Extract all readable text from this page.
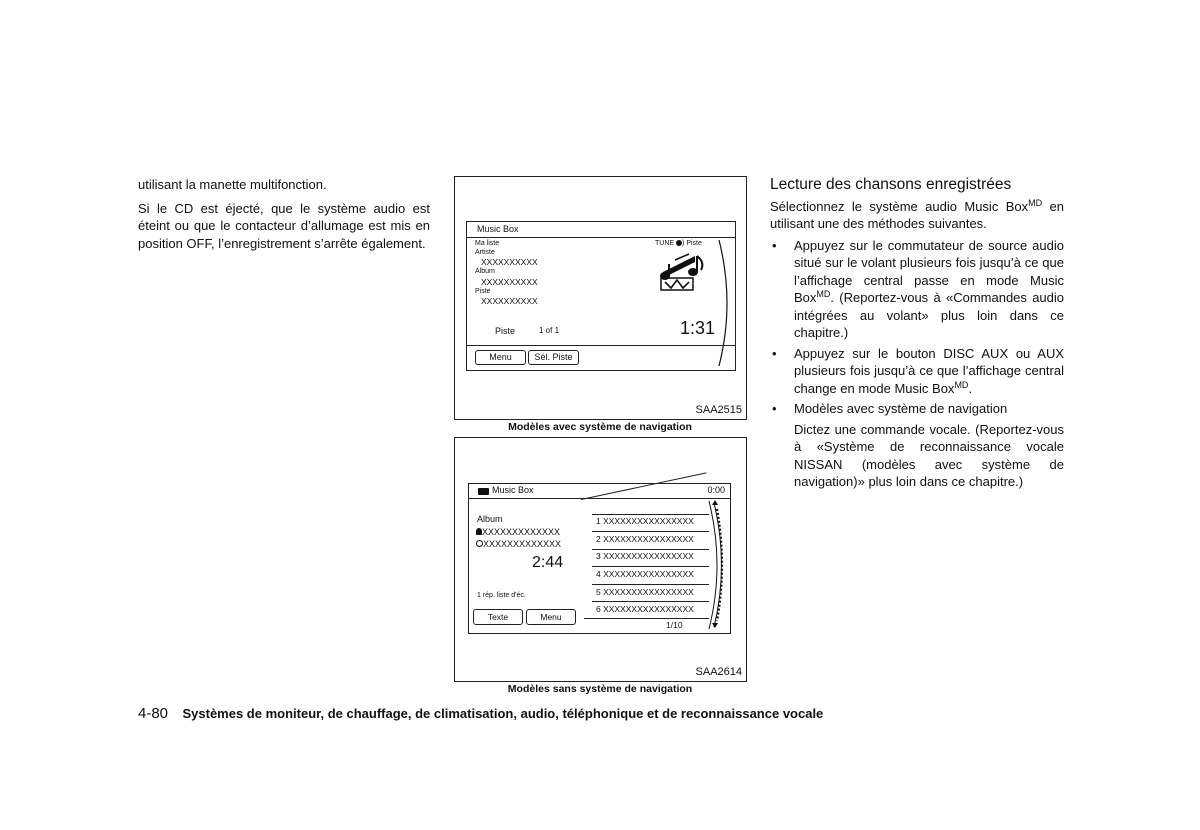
utilisant la manette multifonction.

Si le CD est éjecté, que le système audio est éteint ou que le contacteur d’allumage est mis en position OFF, l’enregistrement s’arrête également.

Music Box
Ma liste
Artiste
XXXXXXXXXX
Album
XXXXXXXXXX
Piste
XXXXXXXXXX
TUNE ) Piste
Piste	1 of 1	1:31
Menu	Sél. Piste
SAA2515
Modèles avec système de navigation
Music Box	0:00
Album
XXXXXXXXXXXXX
XXXXXXXXXXXXX
2:44
1 rép. liste d'éc.
Texte	Menu
1 XXXXXXXXXXXXXXXX
2 XXXXXXXXXXXXXXXX
3 XXXXXXXXXXXXXXXX
4 XXXXXXXXXXXXXXXX
5 XXXXXXXXXXXXXXXX
6 XXXXXXXXXXXXXXXX
1/10
SAA2614
Modèles sans système de navigation
Lecture des chansons enregistrées

Sélectionnez le système audio Music Box$^{MD}$ en utilisant une des méthodes suivantes.

• Appuyez sur le commutateur de source audio situé sur le volant plusieurs fois jusqu’à ce que l’affichage central passe en mode Music Box$^{MD}$. (Reportez-vous à «Commandes audio intégrées au volant» plus loin dans ce chapitre.)
• Appuyez sur le bouton DISC AUX ou AUX plusieurs fois jusqu’à ce que l’affichage central change en mode Music Box$^{MD}$.
• Modèles avec système de navigation

Dictez une commande vocale. (Reportez-vous à «Système de reconnaissance vocale NISSAN (modèles avec système de navigation)» plus loin dans ce chapitre.)

4-80 Systèmes de moniteur, de chauffage, de climatisation, audio, téléphonique et de reconnaissance vocale
